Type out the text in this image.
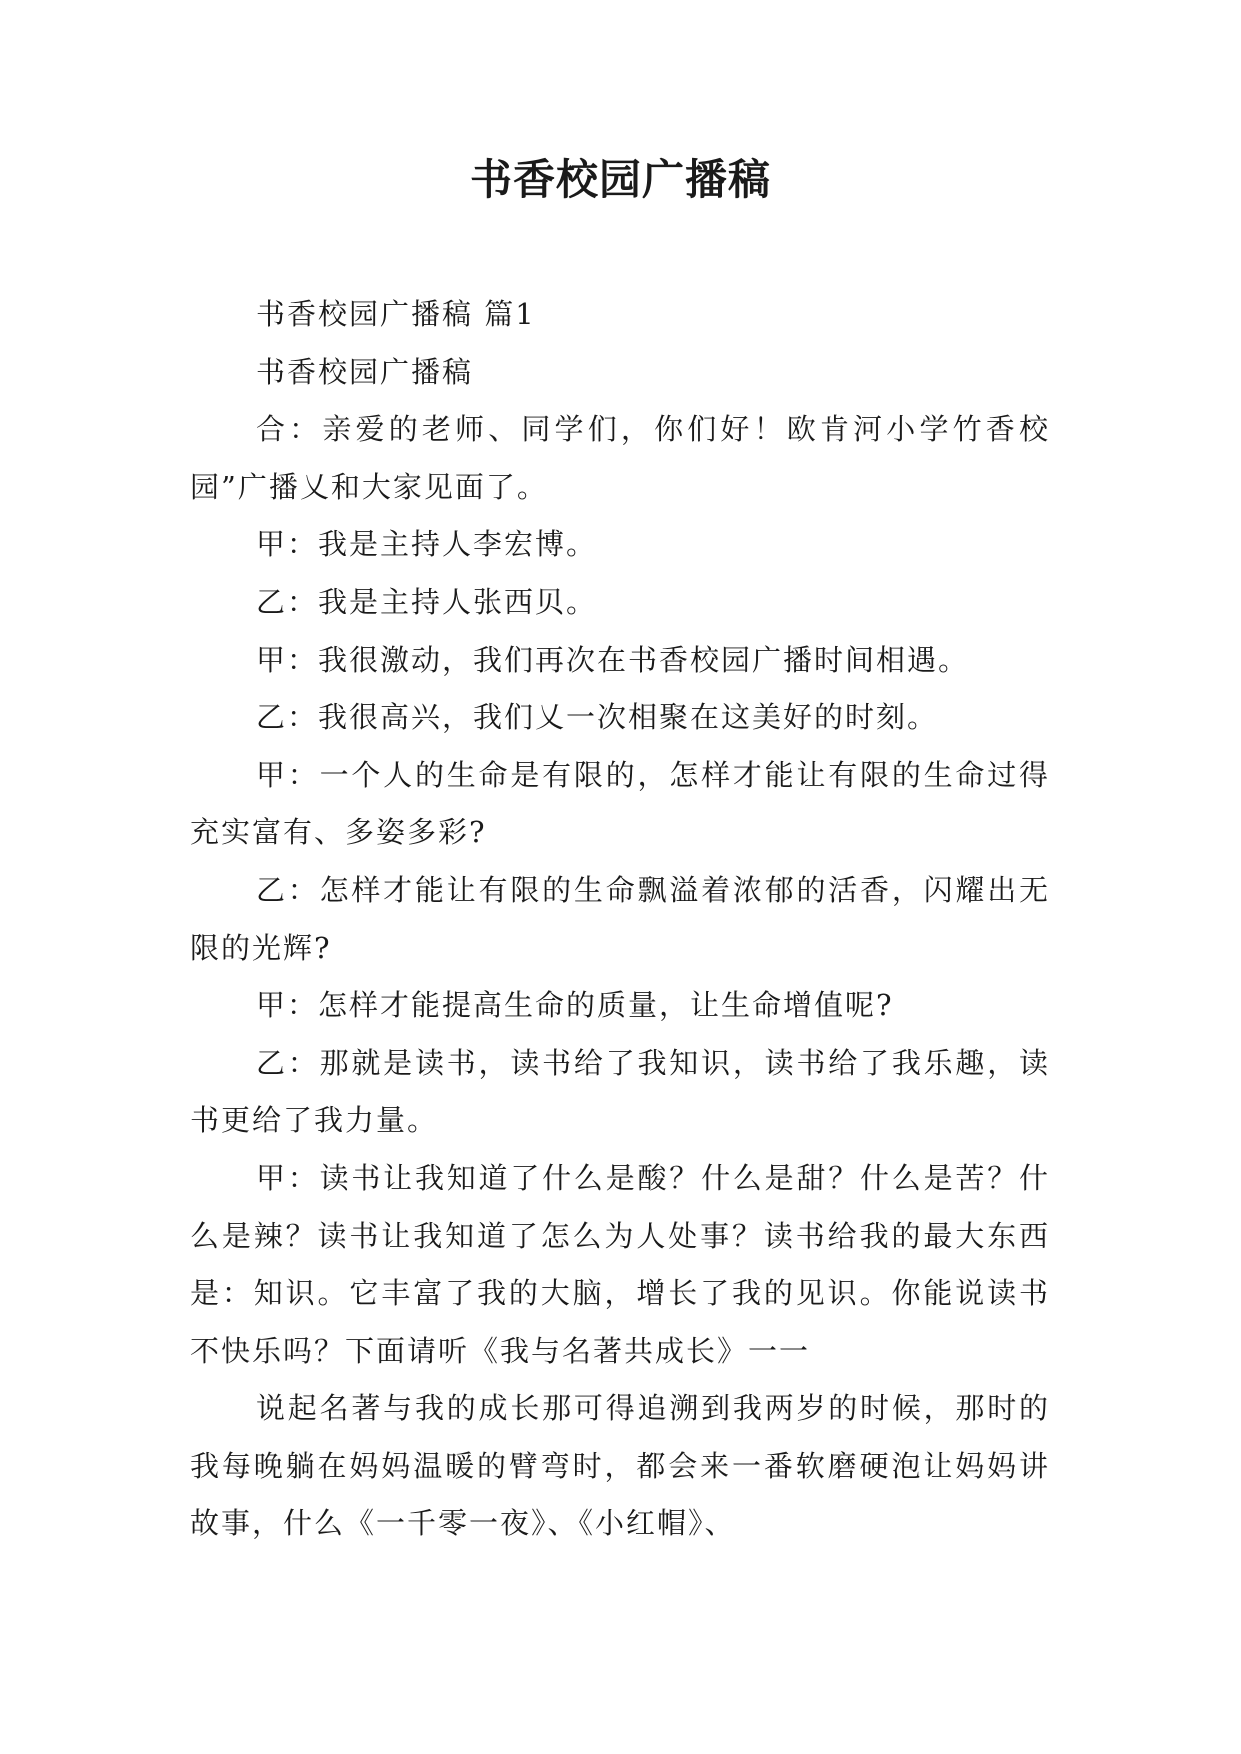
书香校园广播稿

书香校园广播稿 篇1

书香校园广播稿

合：亲爱的老师、同学们，你们好！欧肯河小学竹香校园”广播乂和大家见面了。

甲：我是主持人李宏博。

乙：我是主持人张西贝。

甲：我很激动，我们再次在书香校园广播时间相遇。

乙：我很高兴，我们乂一次相聚在这美好的时刻。

甲：一个人的生命是有限的，怎样才能让有限的生命过得充实富有、多姿多彩?

乙：怎样才能让有限的生命飘溢着浓郁的活香，闪耀出无限的光辉?

甲：怎样才能提高生命的质量，让生命增值呢?

乙：那就是读书，读书给了我知识，读书给了我乐趣，读书更给了我力量。

甲：读书让我知道了什么是酸？什么是甜？什么是苦？什么是辣？读书让我知道了怎么为人处事？读书给我的最大东西是：知识。它丰富了我的大脑，增长了我的见识。你能说读书不快乐吗？下面请听《我与名著共成长》一一

说起名著与我的成长那可得追溯到我两岁的时候，那时的我每晚躺在妈妈温暖的臂弯时，都会来一番软磨硬泡让妈妈讲故事，什么《一千零一夜》、《小红帽》、
